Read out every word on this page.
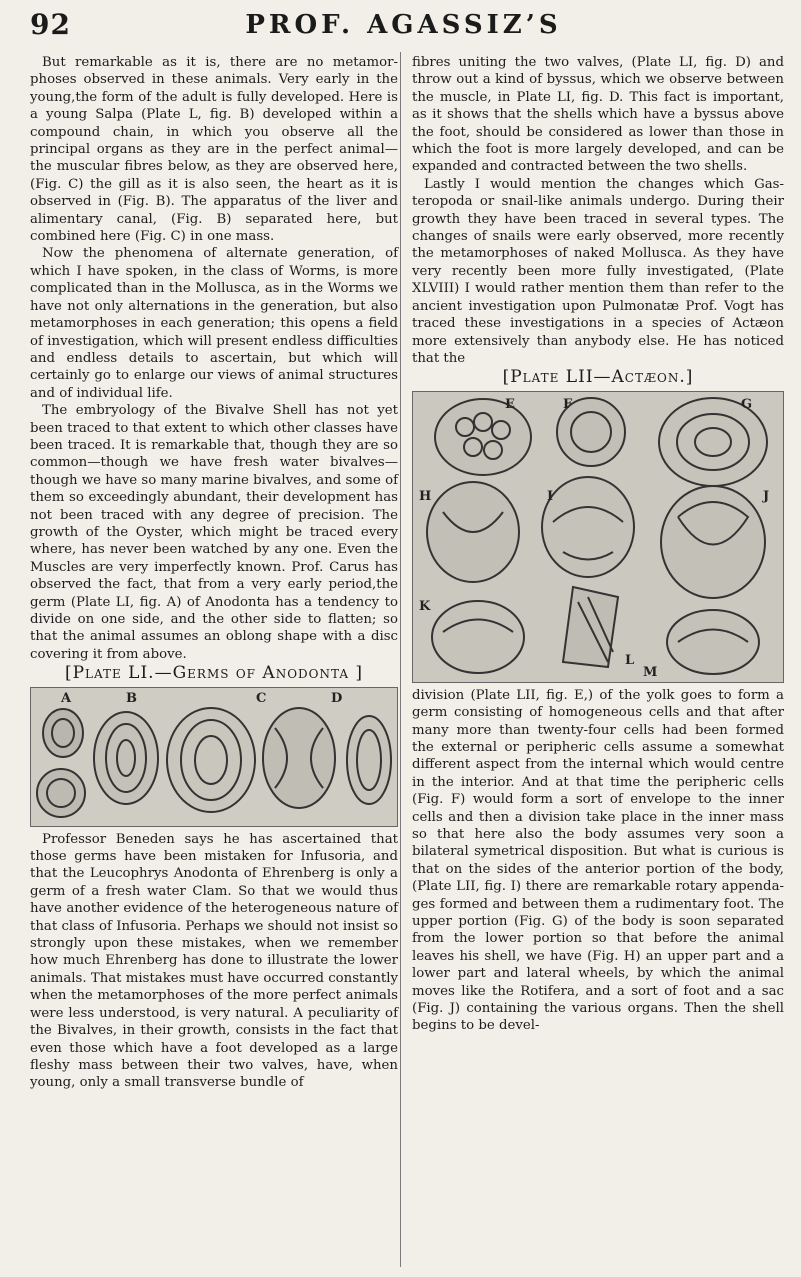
92	PROF. AGASSIZ’S

But remarkable as it is, there are no metamorphoses observed in these animals. Very early in the young,the form of the adult is fully developed. Here is a young Salpa (Plate L, fig. B) developed within a compound chain, in which you observe all the principal organs as they are in the perfect animal—the muscular fibres below, as they are observed here, (Fig. C) the gill as it is also seen, the heart as it is observed in (Fig. B). The apparatus of the liver and alimentary canal, (Fig. B) separated here, but combined here (Fig. C) in one mass.

Now the phenomena of alternate generation, of which I have spoken, in the class of Worms, is more complicated than in the Mollusca, as in the Worms we have not only alternations in the generation, but also metamorphoses in each generation; this opens a field of investigation, which will present endless difficulties and endless details to ascertain, but which will certainly go to enlarge our views of animal structures and of individual life.

The embryology of the Bivalve Shell has not yet been traced to that extent to which other classes have been traced. It is remarkable that, though they are so common—though we have fresh water bivalves—though we have so many marine bivalves, and some of them so exceedingly abundant, their development has not been traced with any degree of precision. The growth of the Oyster, which might be traced every where, has never been watched by any one. Even the Muscles are very imperfectly known. Prof. Carus has observed the fact, that from a very early period,the germ (Plate LI, fig. A) of Anodonta has a tendency to divide on one side, and the other side to flatten; so that the animal assumes an oblong shape with a disc covering it from above.

[Plate LI.—Germs of Anodonta ]
A	B	C	D

Professor Beneden says he has ascertained that those germs have been mistaken for Infusoria, and that the Leucophrys Anodonta of Ehrenberg is only a germ of a fresh water Clam. So that we would thus have another evidence of the heterogeneous nature of that class of Infusoria. Perhaps we should not insist so strongly upon these mistakes, when we remember how much Ehrenberg has done to illustrate the lower animals. That mistakes must have occurred constantly when the metamorphoses of the more perfect animals were less understood, is very natural. A peculiarity of the Bivalves, in their growth, consists in the fact that even those which have a foot developed as a large fleshy mass between their two valves, have, when young, only a small transverse bundle of

fibres uniting the two valves, (Plate LI, fig. D) and throw out a kind of byssus, which we observe between the muscle, in Plate LI, fig. D. This fact is important, as it shows that the shells which have a byssus above the foot, should be considered as lower than those in which the foot is more largely developed, and can be expanded and contracted between the two shells.

Lastly I would mention the changes which Gasteropoda or snail-like animals undergo. During their growth they have been traced in several types. The changes of snails were early observed, more recently the metamorphoses of naked Mollusca. As they have very recently been more fully investigated, (Plate XLVIII) I would rather mention them than refer to the ancient investigation upon Pulmonatæ Prof. Vogt has traced these investigations in a species of Actæon more extensively than anybody else. He has noticed that the

[Plate LII—Actæon.]
E	F	G
H	I	J
K
L
M

division (Plate LII, fig. E,) of the yolk goes to form a germ consisting of homogeneous cells and that after many more than twenty-four cells had been formed the external or peripheric cells assume a somewhat different aspect from the internal which would centre in the interior. And at that time the peripheric cells (Fig. F) would form a sort of envelope to the inner cells and then a division take place in the inner mass so that here also the body assumes very soon a bilateral symetrical disposition. But what is curious is that on the sides of the anterior portion of the body, (Plate LII, fig. I) there are remarkable rotary appendages formed and between them a rudimentary foot. The upper portion (Fig. G) of the body is soon separated from the lower portion so that before the animal leaves his shell, we have (Fig. H) an upper part and a lower part and lateral wheels, by which the animal moves like the Rotifera, and a sort of foot and a sac (Fig. J) containing the various organs. Then the shell begins to be devel-
